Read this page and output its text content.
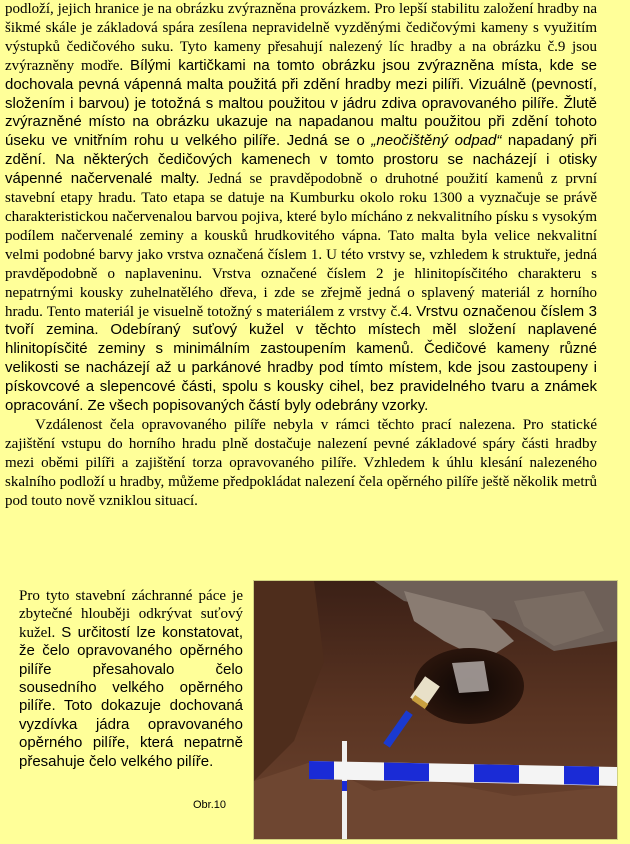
podloží, jejich hranice je na obrázku zvýrazněna provázkem. Pro lepší stabilitu založení hradby na šikmé skále je základová spára zesílena nepravidelně vyzděnými čedičovými kameny s využitím výstupků čedičového suku. Tyto kameny přesahují nalezený líc hradby a na obrázku č.9 jsou zvýrazněny modře. Bílými kartičkami na tomto obrázku jsou zvýrazněna místa, kde se dochovala pevná vápenná malta použitá při zdění hradby mezi pilíři. Vizuálně (pevností, složením i barvou) je totožná s maltou použitou v jádru zdiva opravovaného pilíře. Žlutě zvýrazněné místo na obrázku ukazuje na napadanou maltu použitou při zdění tohoto úseku ve vnitřním rohu u velkého pilíře. Jedná se o „neočištěný odpad“ napadaný při zdění. Na některých čedičových kamenech v tomto prostoru se nacházejí i otisky vápenné načervenalé malty. Jedná se pravděpodobně o druhotné použití kamenů z první stavební etapy hradu. Tato etapa se datuje na Kumburku okolo roku 1300 a vyznačuje se právě charakteristickou načervenalou barvou pojiva, které bylo mícháno z nekvalitního písku s vysokým podílem načervenalé zeminy a kousků hrudkovitého vápna. Tato malta byla velice nekvalitní velmi podobné barvy jako vrstva označená číslem 1. U této vrstvy se, vzhledem k struktuře, jedná pravděpodobně o naplaveninu. Vrstva označené číslem 2 je hlinitopísčitého charakteru s nepatrnými kousky zuhelnatělého dřeva, i zde se zřejmě jedná o splavený materiál z horního hradu. Tento materiál je visuelně totožný s materiálem z vrstvy č.4. Vrstvu označenou číslem 3 tvoří zemina. Odebíraný suťový kužel v těchto místech měl složení naplavené hlinitopísčité zeminy s minimálním zastoupením kamenů. Čedičové kameny různé velikosti se nacházejí až u parkánové hradby pod tímto místem, kde jsou zastoupeny i pískovcové a slepencové části, spolu s kousky cihel, bez pravidelného tvaru a známek opracování. Ze všech popisovaných částí byly odebrány vzorky.

Vzdálenost čela opravovaného pilíře nebyla v rámci těchto prací nalezena. Pro statické zajištění vstupu do horního hradu plně dostačuje nalezení pevné základové spáry části hradby mezi oběmi pilíři a zajištění torza opravovaného pilíře. Vzhledem k úhlu klesání nalezeného skalního podloží u hradby, můžeme předpokládat nalezení čela opěrného pilíře ještě několik metrů pod touto nově vzniklou situací.

Pro tyto stavební záchranné páce je zbytečné hlouběji odkrývat suťový kužel. S určitostí lze konstatovat, že čelo opravovaného opěrného pilíře přesahovalo čelo sousedního velkého opěrného pilíře. Toto dokazuje dochovaná vyzdívka jádra opravovaného opěrného pilíře, která nepatrně přesahuje čelo velkého pilíře.

Obr.10
